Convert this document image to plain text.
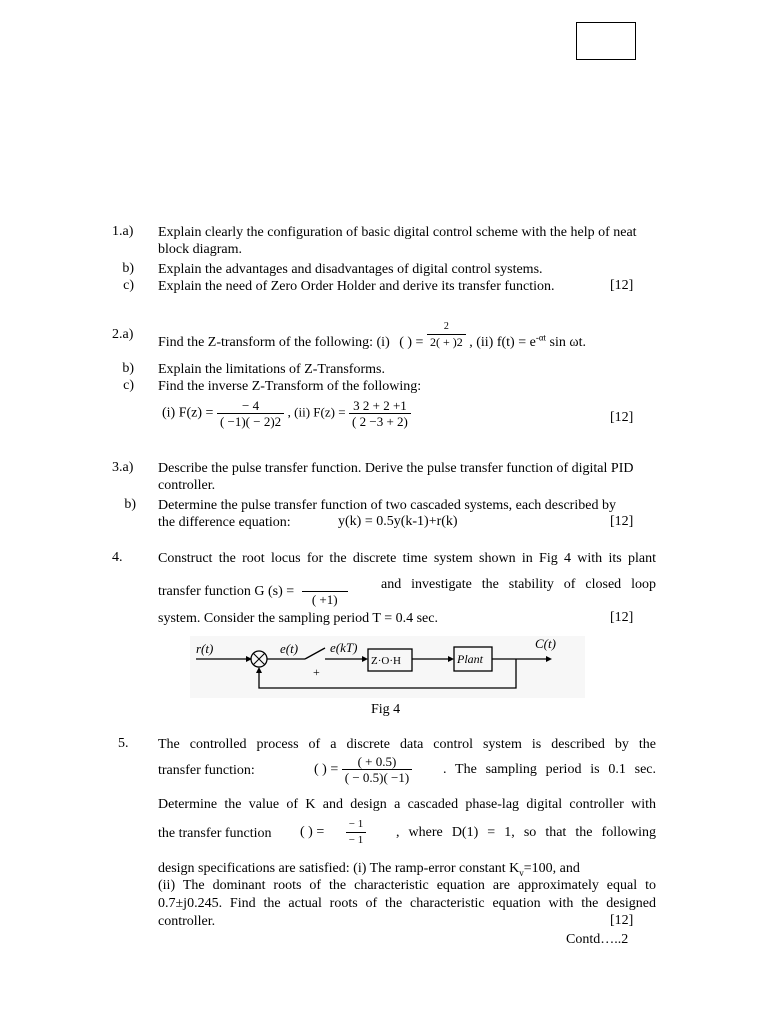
1.a)	Explain clearly the configuration of basic digital control scheme with the help of neat block diagram.
b) Explain the advantages and disadvantages of digital control systems.
c) Explain the need of Zero Order Holder and derive its transfer function.	[12]
2.a)
Find the Z-transform of the following: (i) ( ) = $\frac{2}{2( + )2}$ , (ii) $f(t) = e^{-\alpha t}$ sin ωt.
b) Explain the limitations of Z-Transforms.
c) Find the inverse Z-Transform of the following:
(i) $F(z) = \frac{- 4}{( -1)( - 2)2}$ , (ii) $F(z) = \frac{3 2 + 2 +1}{( 2 -3 + 2)}$	[12]
3.a)	Describe the pulse transfer function. Derive the pulse transfer function of digital PID controller.
b) Determine the pulse transfer function of two cascaded systems, each described by
the difference equation:	y(k) = 0.5y(k-1)+r(k)	[12]
4.	Construct the root locus for the discrete time system shown in Fig 4 with its plant
transfer function G (s) =
( +1)
and investigate the stability of closed loop
system. Consider the sampling period T = 0.4 sec.	[12]
r(t)	e(t) e(kT)
+
Z·O·H	Plant
C(t)
Fig 4
5.	The controlled process of a discrete data control system is described by the
transfer function:	( ) = $\frac{( + 0.5)}{( - 0.5)( -1)}$ . The sampling period is 0.1 sec.
Determine the value of K and design a cascaded phase-lag digital controller with
the transfer function	( ) = $\frac{- 1}{- 1}$ , where D(1) = 1, so that the following
design specifications are satisfied: (i) The ramp-error constant $K_v=100$, and
(ii) The dominant roots of the characteristic equation are approximately equal to
0.7±j0.245. Find the actual roots of the characteristic equation with the designed
controller.	[12]
Contd…..2
